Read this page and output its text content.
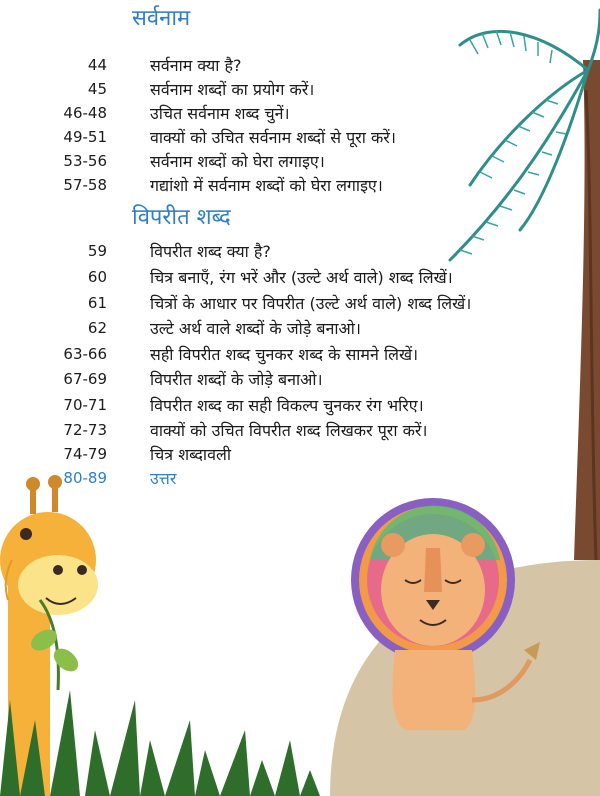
सर्वनाम
44	सर्वनाम क्या है?
45	सर्वनाम शब्दों का प्रयोग करें।
46-48	उचित सर्वनाम शब्द चुनें।
49-51	वाक्यों को उचित सर्वनाम शब्दों से पूरा करें।
53-56	सर्वनाम शब्दों को घेरा लगाइए।
57-58	गद्यांशो में सर्वनाम शब्दों को घेरा लगाइए।
विपरीत शब्द
59	विपरीत शब्द क्या है?
60	चित्र बनाएँ, रंग भरें और (उल्टे अर्थ वाले) शब्द लिखें।
61	चित्रों के आधार पर विपरीत (उल्टे अर्थ वाले) शब्द लिखें।
62	उल्टे अर्थ वाले शब्दों के जोड़े बनाओ।
63-66	सही विपरीत शब्द चुनकर शब्द के सामने लिखें।
67-69	विपरीत शब्दों के जोड़े बनाओ।
70-71	विपरीत शब्द का सही विकल्प चुनकर रंग भरिए।
72-73	वाक्यों को उचित विपरीत शब्द लिखकर पूरा करें।
74-79	चित्र शब्दावली
80-89	उत्तर
